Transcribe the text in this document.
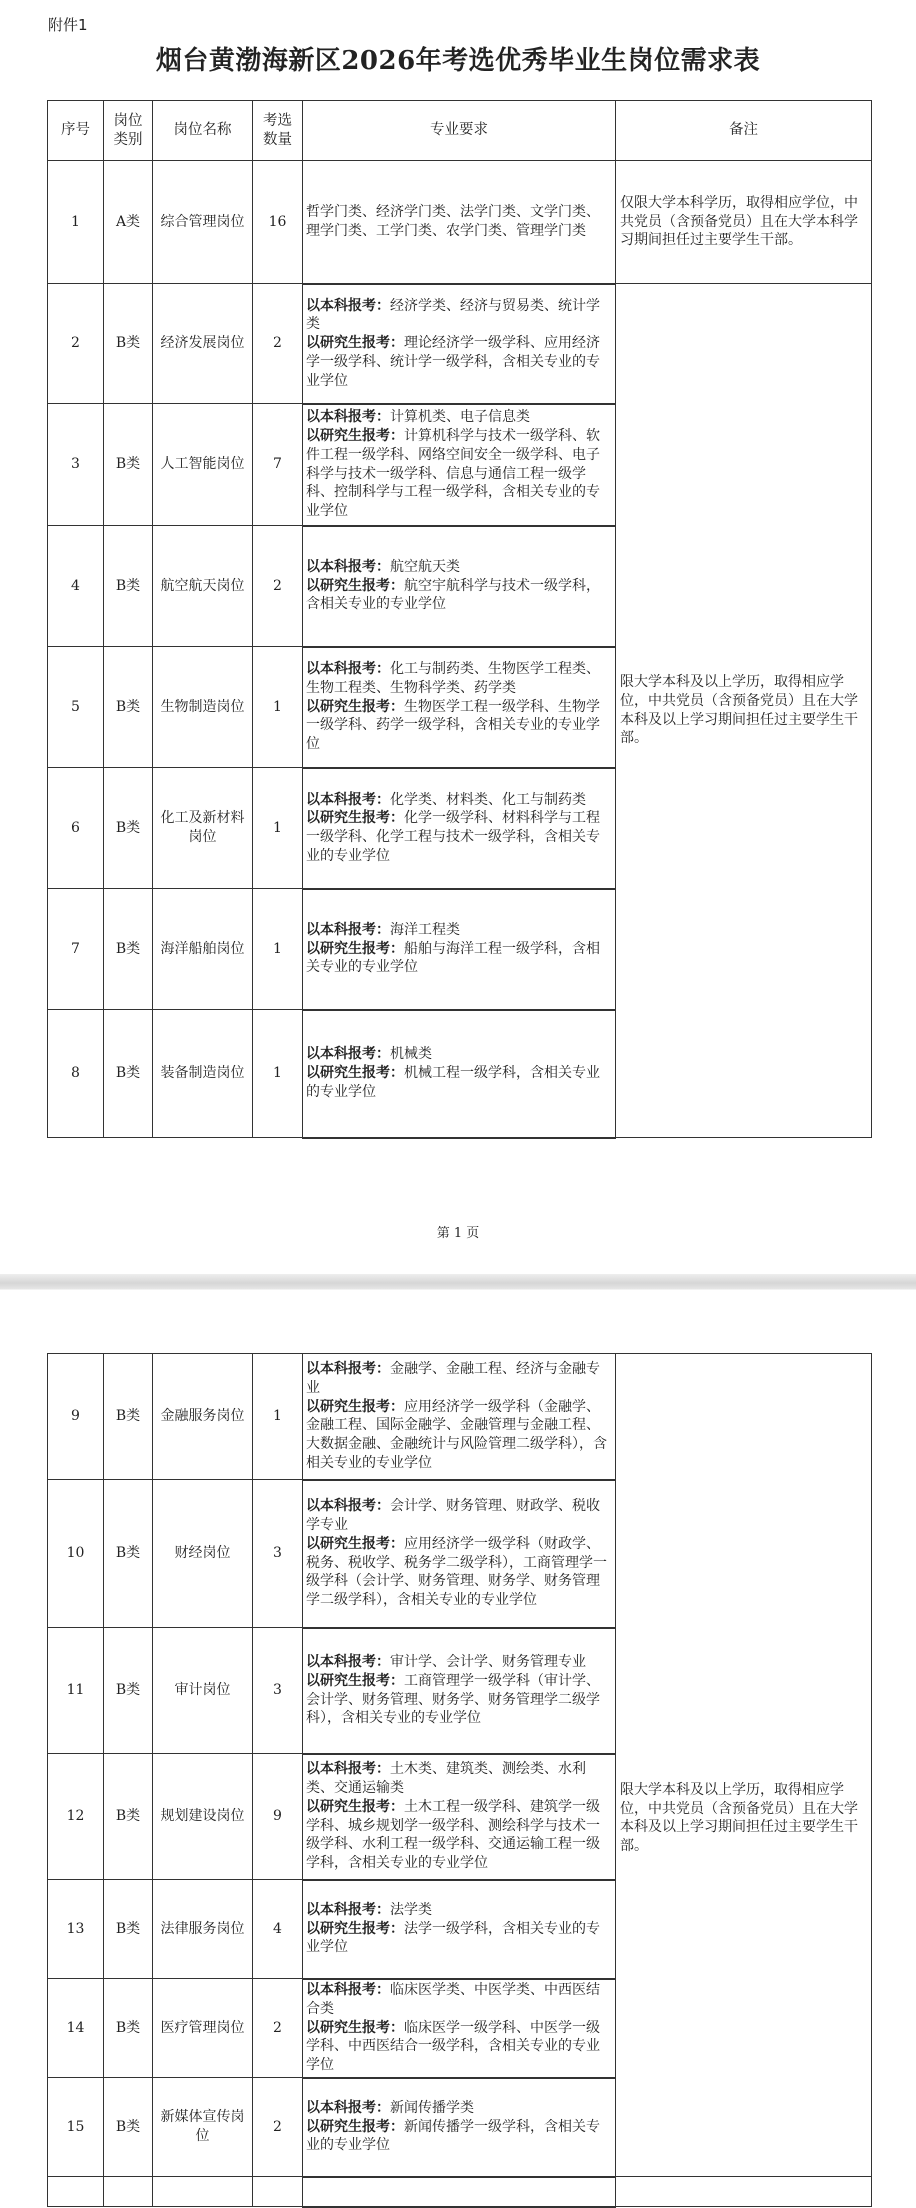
附件1
烟台黄渤海新区2026年考选优秀毕业生岗位需求表
序号	岗位类别	岗位名称	考选数量	专业要求	备注
1	A类	综合管理岗位	16	哲学门类、经济学门类、法学门类、文学门类、理学门类、工学门类、农学门类、管理学门类	仅限大学本科学历，取得相应学位，中共党员（含预备党员）且在大学本科学习期间担任过主要学生干部。
2	B类	经济发展岗位	2	以本科报考：经济学类、经济与贸易类、统计学类
以研究生报考：理论经济学一级学科、应用经济学一级学科、统计学一级学科，含相关专业的专业学位	限大学本科及以上学历，取得相应学位，中共党员（含预备党员）且在大学本科及以上学习期间担任过主要学生干部。
3	B类	人工智能岗位	7	以本科报考：计算机类、电子信息类
以研究生报考：计算机科学与技术一级学科、软件工程一级学科、网络空间安全一级学科、电子科学与技术一级学科、信息与通信工程一级学科、控制科学与工程一级学科，含相关专业的专业学位	

4	B类	航空航天岗位	2	以本科报考：航空航天类
以研究生报考：航空宇航科学与技术一级学科，含相关专业的专业学位	

5	B类	生物制造岗位	1	以本科报考：化工与制药类、生物医学工程类、生物工程类、生物科学类、药学类
以研究生报考：生物医学工程一级学科、生物学一级学科、药学一级学科，含相关专业的专业学位	

6	B类	化工及新材料岗位	1	以本科报考：化学类、材料类、化工与制药类
以研究生报考：化学一级学科、材料科学与工程一级学科、化学工程与技术一级学科，含相关专业的专业学位	

7	B类	海洋船舶岗位	1	以本科报考：海洋工程类
以研究生报考：船舶与海洋工程一级学科，含相关专业的专业学位	

8	B类	装备制造岗位	1	以本科报考：机械类
以研究生报考：机械工程一级学科，含相关专业的专业学位	
第 1 页
9	B类	金融服务岗位	1	以本科报考：金融学、金融工程、经济与金融专业
以研究生报考：应用经济学一级学科（金融学、金融工程、国际金融学、金融管理与金融工程、大数据金融、金融统计与风险管理二级学科），含相关专业的专业学位	限大学本科及以上学历，取得相应学位，中共党员（含预备党员）且在大学本科及以上学习期间担任过主要学生干部。
10	B类	财经岗位	3	以本科报考：会计学、财务管理、财政学、税收学专业
以研究生报考：应用经济学一级学科（财政学、税务、税收学、税务学二级学科），工商管理学一级学科（会计学、财务管理、财务学、财务管理学二级学科），含相关专业的专业学位	

11	B类	审计岗位	3	以本科报考：审计学、会计学、财务管理专业
以研究生报考：工商管理学一级学科（审计学、会计学、财务管理、财务学、财务管理学二级学科），含相关专业的专业学位	

12	B类	规划建设岗位	9	以本科报考：土木类、建筑类、测绘类、水利类、交通运输类
以研究生报考：土木工程一级学科、建筑学一级学科、城乡规划学一级学科、测绘科学与技术一级学科、水利工程一级学科、交通运输工程一级学科，含相关专业的专业学位	

13	B类	法律服务岗位	4	以本科报考：法学类
以研究生报考：法学一级学科，含相关专业的专业学位	

14	B类	医疗管理岗位	2	以本科报考：临床医学类、中医学类、中西医结合类
以研究生报考：临床医学一级学科、中医学一级学科、中西医结合一级学科，含相关专业的专业学位	

15	B类	新媒体宣传岗位	2	以本科报考：新闻传播学类
以研究生报考：新闻传播学一级学科，含相关专业的专业学位	
